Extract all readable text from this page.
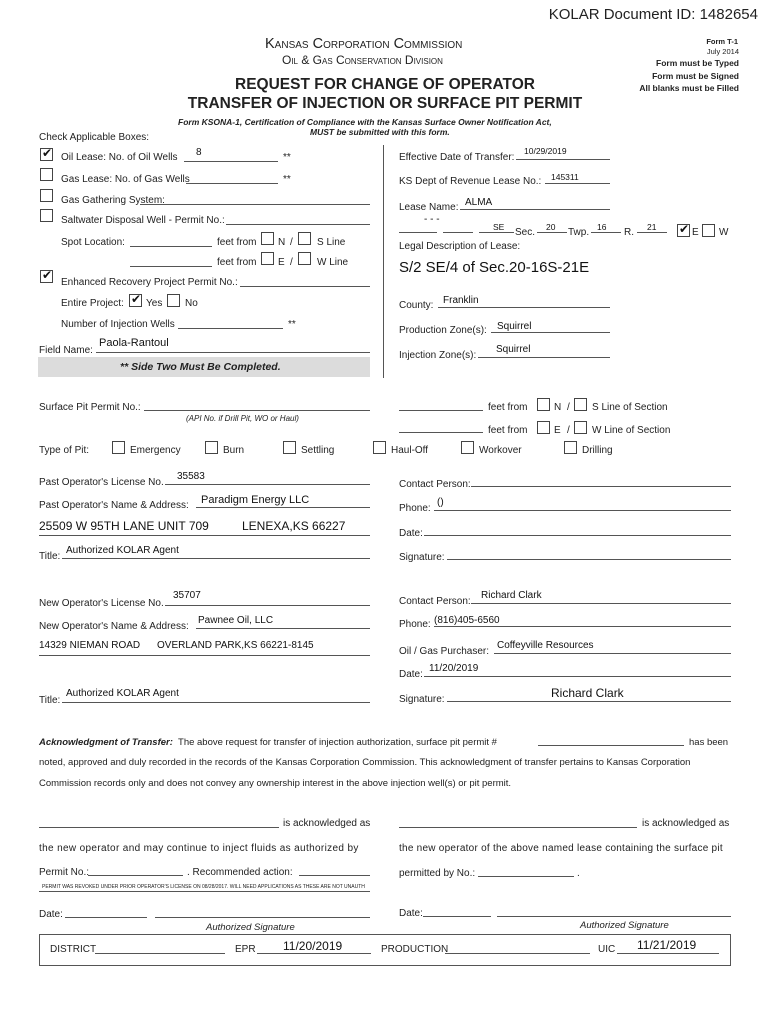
KOLAR Document ID: 1482654
Kansas Corporation Commission
Oil & Gas Conservation Division
Form T-1
July 2014
Form must be Typed
Form must be Signed
All blanks must be Filled
REQUEST FOR CHANGE OF OPERATOR
TRANSFER OF INJECTION OR SURFACE PIT PERMIT
Form KSONA-1, Certification of Compliance with the Kansas Surface Owner Notification Act,
MUST be submitted with this form.
Check Applicable Boxes:
✔
Oil Lease: No. of Oil Wells 8	**
Gas Lease: No. of Gas Wells	**
Gas Gathering System:
Saltwater Disposal Well - Permit No.:
Spot Location:	feet from N / S Line
feet from E / W Line
✔
Enhanced Recovery Project Permit No.:
Entire Project: ✔ Yes No
Number of Injection Wells	**
Field Name:
Paola-Rantoul
** Side Two Must Be Completed.
Effective Date of Transfer:
10/29/2019
KS Dept of Revenue Lease No.: 145311
Lease Name: ALMA
- - -
SE Sec. 20 Twp. 16 R. 21 ✔	E W
Legal Description of Lease:
S/2 SE/4 of Sec.20-16S-21E
County: Franklin
Production Zone(s): Squirrel
Injection Zone(s):
Squirrel
Surface Pit Permit No.:
(API No. if Drill Pit, WO or Haul)
feet from	N / S Line of Section
feet from	E / W Line of Section
Type of Pit:	Emergency	Burn	Settling	Haul-Off	Workover	Drilling
Past Operator's License No.
35583
Past Operator's Name & Address: Paradigm Energy LLC
25509 W 95TH LANE UNIT 709	LENEXA,KS 66227
Title:
Authorized KOLAR Agent
Contact Person:
Phone:
()
Date:
Signature:
New Operator's License No.
35707
New Operator's Name & Address:
Pawnee Oil, LLC
14329 NIEMAN ROAD OVERLAND PARK,KS 66221-8145
Title:
Authorized KOLAR Agent
Contact Person:
Richard Clark
Phone: (816)405-6560
Oil / Gas Purchaser:
Coffeyville Resources
Date:
11/20/2019
Signature:	Richard Clark
Acknowledgment of Transfer: The above request for transfer of injection authorization, surface pit permit #	has been
noted, approved and duly recorded in the records of the Kansas Corporation Commission. This acknowledgment of transfer pertains to Kansas Corporation
Commission records only and does not convey any ownership interest in the above injection well(s) or pit permit.
is acknowledged as	is acknowledged as
the new operator and may continue to inject fluids as authorized by	the new operator of the above named lease containing the surface pit
Permit No.:	. Recommended action:	permitted by No.:	.
PERMIT WAS REVOKED UNDER PRIOR OPERATOR'S LICENSE ON 08/28/2017. WILL NEED APPLICATIONS AS THESE ARE NOT UNAUTH
Date:
Authorized Signature
Date:
Authorized Signature
DISTRICT	EPR 11/20/2019	PRODUCTION	UIC 11/21/2019
